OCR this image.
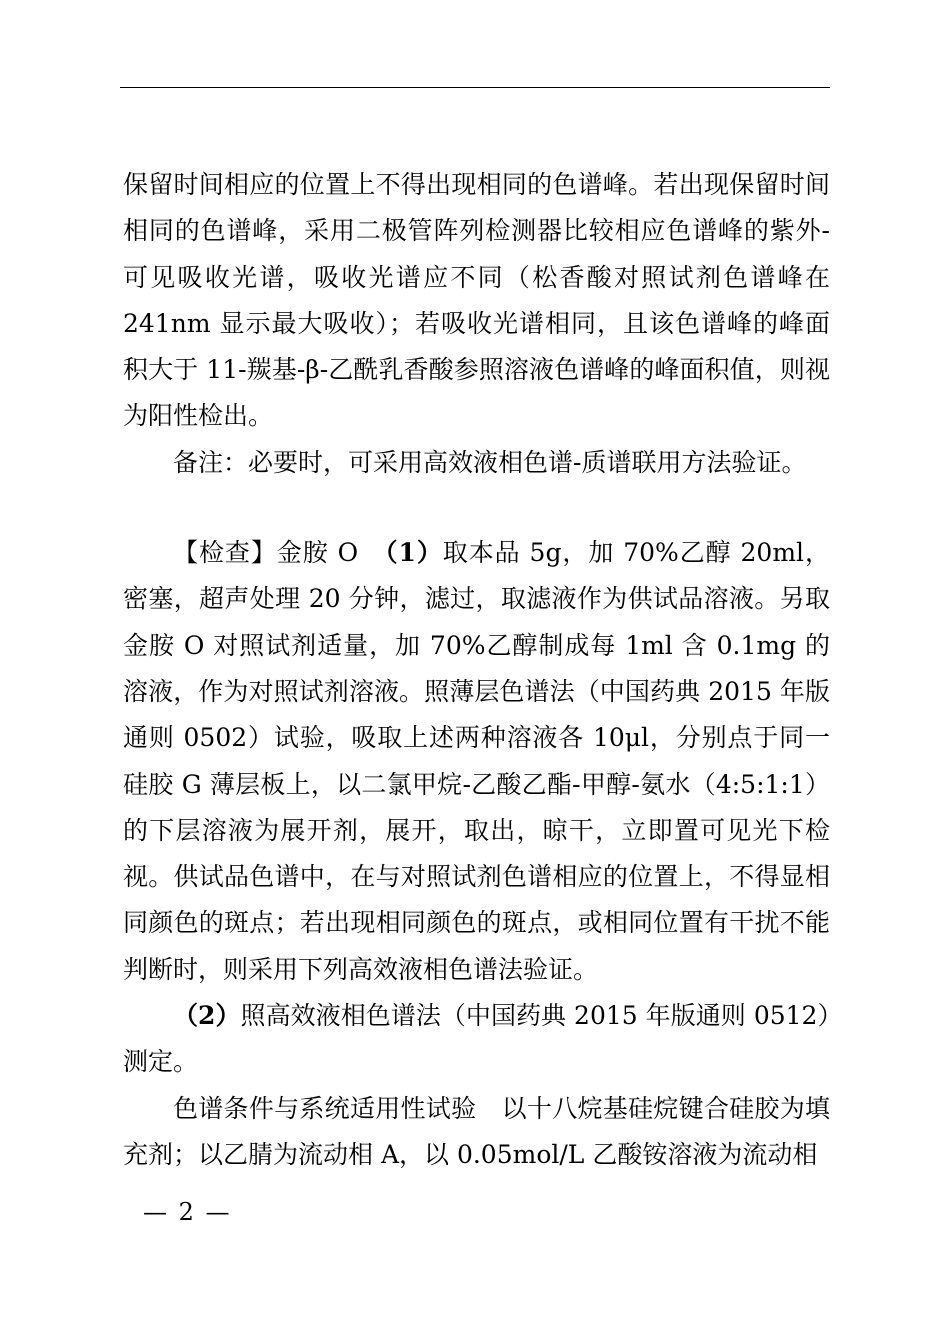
保留时间相应的位置上不得出现相同的色谱峰。若出现保留时间相同的色谱峰，采用二极管阵列检测器比较相应色谱峰的紫外-可见吸收光谱，吸收光谱应不同（松香酸对照试剂色谱峰在241nm 显示最大吸收）；若吸收光谱相同，且该色谱峰的峰面积大于 11-羰基-β-乙酰乳香酸参照溶液色谱峰的峰面积值，则视为阳性检出。

备注：必要时，可采用高效液相色谱-质谱联用方法验证。

【检查】金胺 O　（1）取本品 5g，加 70%乙醇 20ml，密塞，超声处理 20 分钟，滤过，取滤液作为供试品溶液。另取金胺 O 对照试剂适量，加 70%乙醇制成每 1ml 含 0.1mg 的溶液，作为对照试剂溶液。照薄层色谱法（中国药典 2015 年版通则 0502）试验，吸取上述两种溶液各 10μl，分别点于同一硅胶 G 薄层板上，以二氯甲烷-乙酸乙酯-甲醇-氨水（4:5:1:1）的下层溶液为展开剂，展开，取出，晾干，立即置可见光下检视。供试品色谱中，在与对照试剂色谱相应的位置上，不得显相同颜色的斑点；若出现相同颜色的斑点，或相同位置有干扰不能判断时，则采用下列高效液相色谱法验证。

（2）照高效液相色谱法（中国药典 2015 年版通则 0512）测定。

色谱条件与系统适用性试验　以十八烷基硅烷键合硅胶为填充剂；以乙腈为流动相 A，以 0.05mol/L 乙酸铵溶液为流动相

— 2 —
